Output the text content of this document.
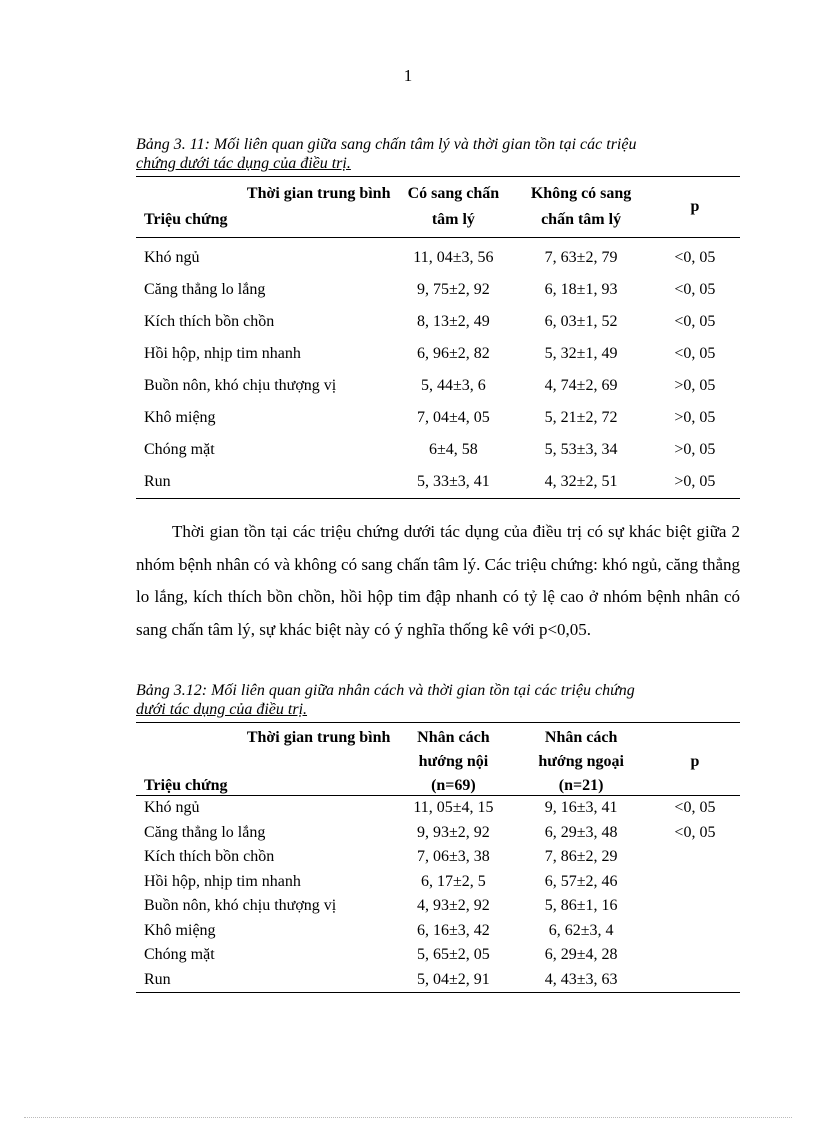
1
Bảng 3. 11: Mối liên quan giữa sang chấn tâm lý và thời gian tồn tại các triệu
chứng dưới tác dụng của điều trị.
Thời gian trung bình	Có sang chấn	Không có sang	p
Triệu chứng	tâm lý	chấn tâm lý	
Khó ngủ	11, 04±3, 56	7, 63±2, 79	<0, 05
Căng thẳng lo lắng	9, 75±2, 92	6, 18±1, 93	<0, 05
Kích thích bồn chồn	8, 13±2, 49	6, 03±1, 52	<0, 05
Hồi hộp, nhịp tim nhanh	6, 96±2, 82	5, 32±1, 49	<0, 05
Buồn nôn, khó chịu thượng vị	5, 44±3, 6	4, 74±2, 69	>0, 05
Khô miệng	7, 04±4, 05	5, 21±2, 72	>0, 05
Chóng mặt	6±4, 58	5, 53±3, 34	>0, 05
Run	5, 33±3, 41	4, 32±2, 51	>0, 05

Thời gian tồn tại các triệu chứng dưới tác dụng của điều trị có sự khác biệt giữa 2 nhóm bệnh nhân có và không có sang chấn tâm lý. Các triệu chứng: khó ngủ, căng thẳng lo lắng, kích thích bồn chồn, hồi hộp tim đập nhanh có tỷ lệ cao ở nhóm bệnh nhân có sang chấn tâm lý, sự khác biệt này có ý nghĩa thống kê với p<0,05.

Bảng 3.12: Mối liên quan giữa nhân cách và thời gian tồn tại các triệu chứng
dưới tác dụng của điều trị.
Thời gian trung bình	Nhân cách	Nhân cách	
	hướng nội	hướng ngoại	p
Triệu chứng	(n=69)	(n=21)	
Khó ngủ	11, 05±4, 15	9, 16±3, 41	<0, 05
Căng thẳng lo lắng	9, 93±2, 92	6, 29±3, 48	<0, 05
Kích thích bồn chồn	7, 06±3, 38	7, 86±2, 29	
Hồi hộp, nhịp tim nhanh	6, 17±2, 5	6, 57±2, 46	
Buồn nôn, khó chịu thượng vị	4, 93±2, 92	5, 86±1, 16	
Khô miệng	6, 16±3, 42	6, 62±3, 4	
Chóng mặt	5, 65±2, 05	6, 29±4, 28	
Run	5, 04±2, 91	4, 43±3, 63	
